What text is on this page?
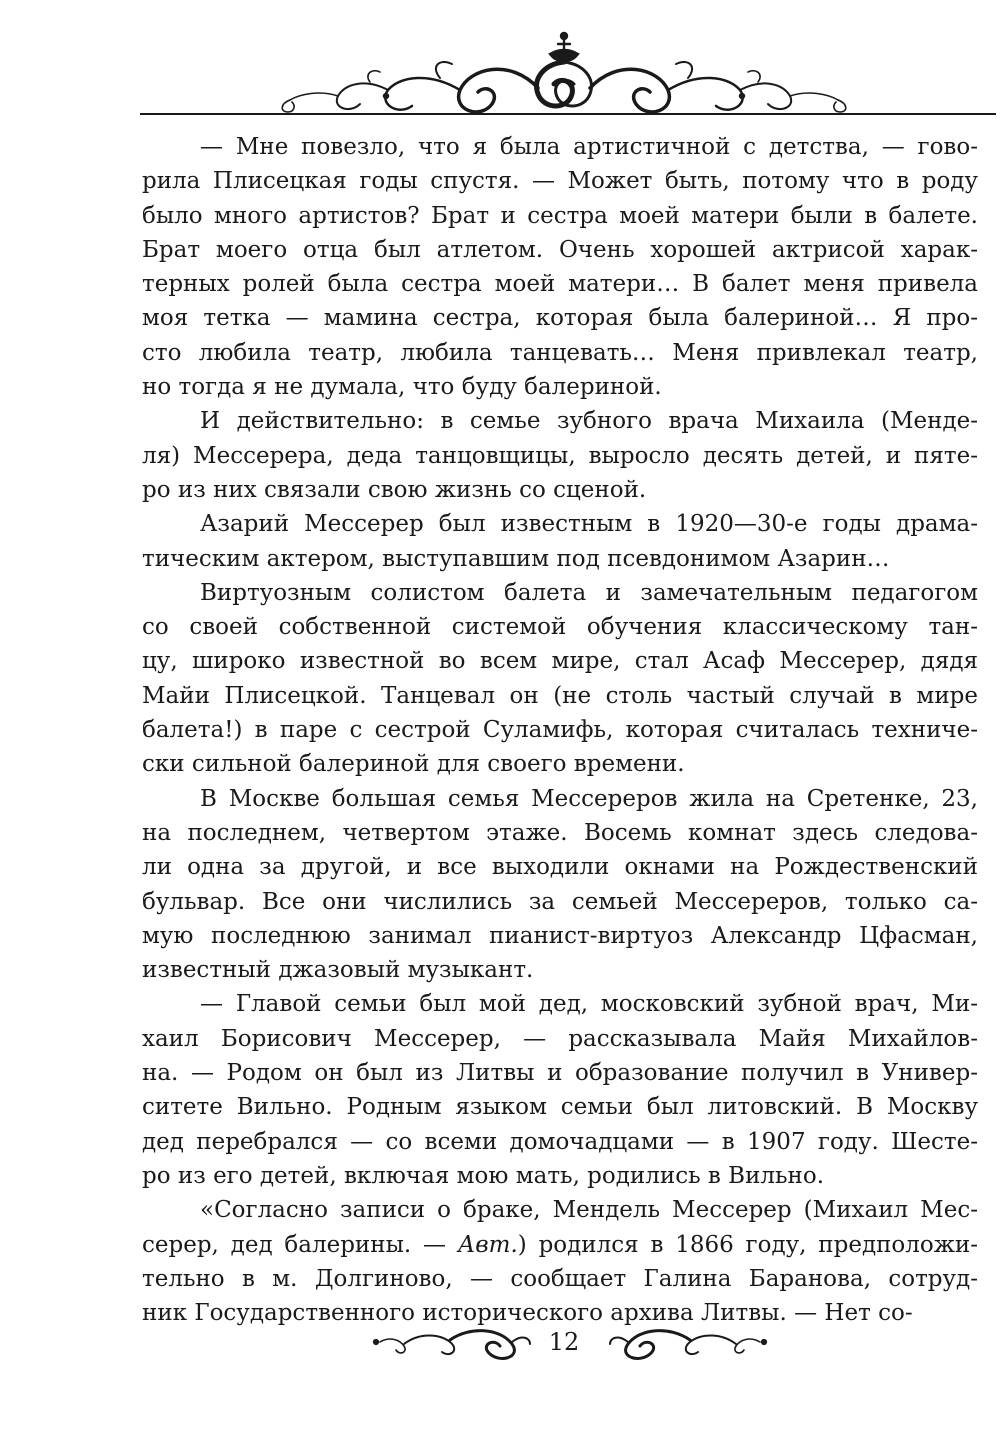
— Мне повезло, что я была артистичной с детства, — гово-
рила Плисецкая годы спустя. — Может быть, потому что в роду
было много артистов? Брат и сестра моей матери были в балете.
Брат моего отца был атлетом. Очень хорошей актрисой харак-
терных ролей была сестра моей матери… В балет меня привела
моя тетка — мамина сестра, которая была балериной… Я про-
сто любила театр, любила танцевать… Меня привлекал театр,
но тогда я не думала, что буду балериной.
И действительно: в семье зубного врача Михаила (Менде-
ля) Мессерера, деда танцовщицы, выросло десять детей, и пяте-
ро из них связали свою жизнь со сценой.
Азарий Мессерер был известным в 1920—30-е годы драма-
тическим актером, выступавшим под псевдонимом Азарин…
Виртуозным солистом балета и замечательным педагогом
со своей собственной системой обучения классическому тан-
цу, широко известной во всем мире, стал Асаф Мессерер, дядя
Майи Плисецкой. Танцевал он (не столь частый случай в мире
балета!) в паре с сестрой Суламифь, которая считалась техниче-
ски сильной балериной для своего времени.
В Москве большая семья Мессереров жила на Сретенке, 23,
на последнем, четвертом этаже. Восемь комнат здесь следова-
ли одна за другой, и все выходили окнами на Рождественский
бульвар. Все они числились за семьей Мессереров, только са-
мую последнюю занимал пианист-виртуоз Александр Цфасман,
известный джазовый музыкант.
— Главой семьи был мой дед, московский зубной врач, Ми-
хаил Борисович Мессерер, — рассказывала Майя Михайлов-
на. — Родом он был из Литвы и образование получил в Универ-
ситете Вильно. Родным языком семьи был литовский. В Москву
дед перебрался — со всеми домочадцами — в 1907 году. Шесте-
ро из его детей, включая мою мать, родились в Вильно.
«Согласно записи о браке, Мендель Мессерер (Михаил Мес-
серер, дед балерины. — Авт.) родился в 1866 году, предположи-
тельно в м. Долгиново, — сообщает Галина Баранова, сотруд-
ник Государственного исторического архива Литвы. — Нет со-
12
